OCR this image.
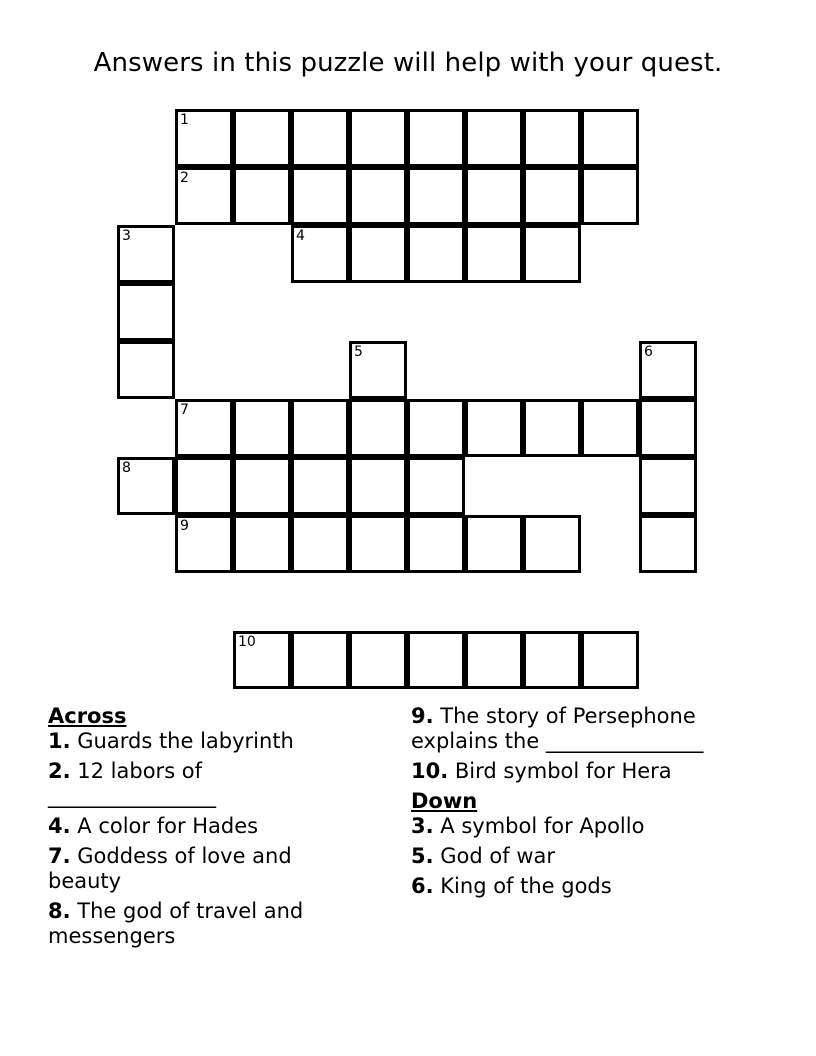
Answers in this puzzle will help with your quest.
1
2
3	4
5	6
7
8
9
10
Across
1. Guards the labyrinth
2. 12 labors of ________________
4. A color for Hades
7. Goddess of love and beauty
8. The god of travel and messengers
9. The story of Persephone explains the _______________
10. Bird symbol for Hera
Down
3. A symbol for Apollo
5. God of war
6. King of the gods
